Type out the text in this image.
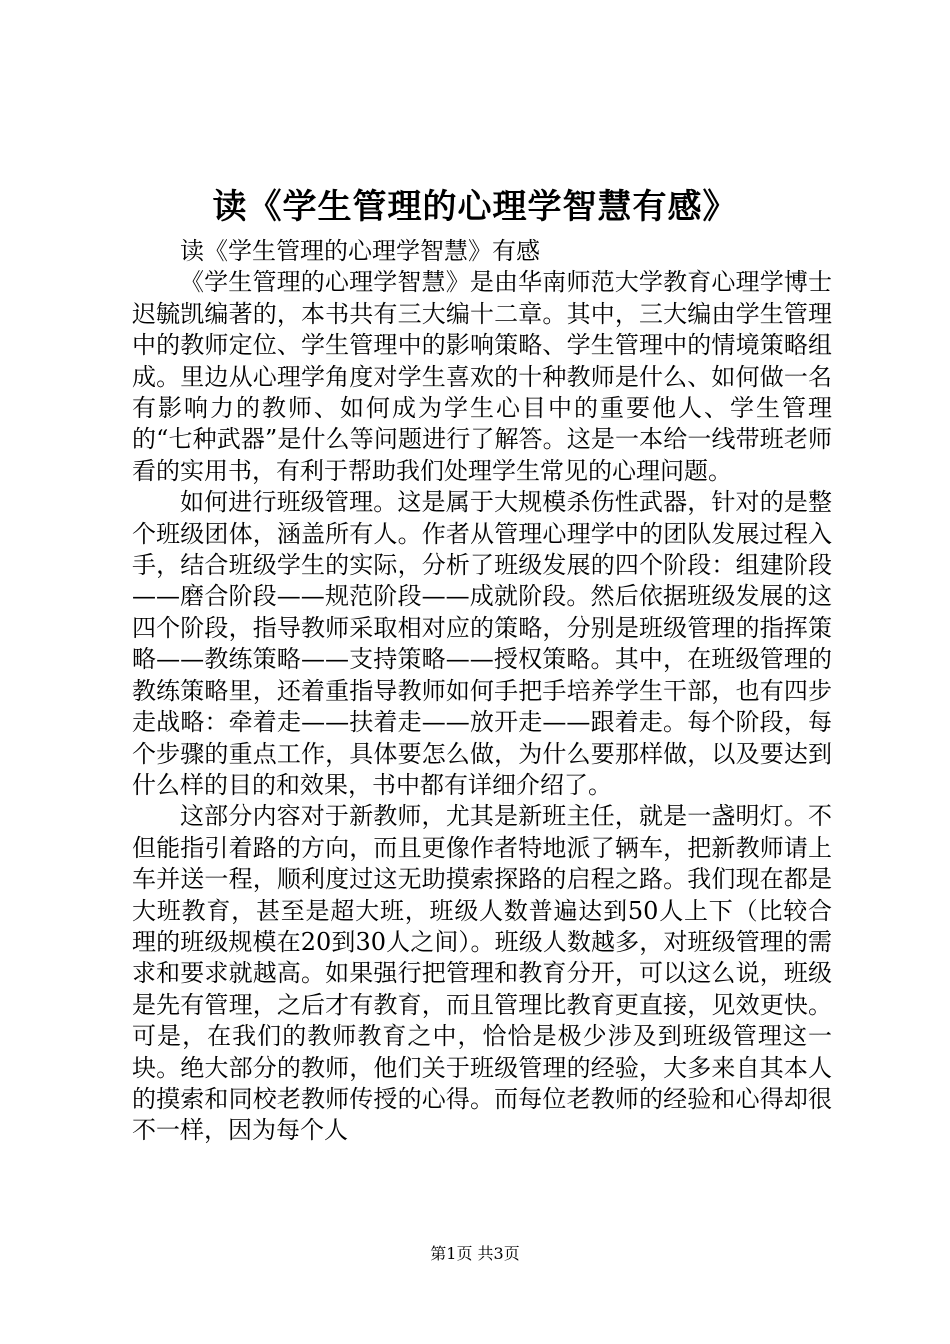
读《学生管理的心理学智慧有感》

读《学生管理的心理学智慧》有感

《学生管理的心理学智慧》是由华南师范大学教育心理学博士迟毓凯编著的，本书共有三大编十二章。其中，三大编由学生管理中的教师定位、学生管理中的影响策略、学生管理中的情境策略组成。里边从心理学角度对学生喜欢的十种教师是什么、如何做一名有影响力的教师、如何成为学生心目中的重要他人、学生管理的“七种武器”是什么等问题进行了解答。这是一本给一线带班老师看的实用书，有利于帮助我们处理学生常见的心理问题。

如何进行班级管理。这是属于大规模杀伤性武器，针对的是整个班级团体，涵盖所有人。作者从管理心理学中的团队发展过程入手，结合班级学生的实际，分析了班级发展的四个阶段：组建阶段——磨合阶段——规范阶段——成就阶段。然后依据班级发展的这四个阶段，指导教师采取相对应的策略，分别是班级管理的指挥策略——教练策略——支持策略——授权策略。其中，在班级管理的教练策略里，还着重指导教师如何手把手培养学生干部，也有四步走战略：牵着走——扶着走——放开走——跟着走。每个阶段，每个步骤的重点工作，具体要怎么做，为什么要那样做，以及要达到什么样的目的和效果，书中都有详细介绍了。

这部分内容对于新教师，尤其是新班主任，就是一盏明灯。不但能指引着路的方向，而且更像作者特地派了辆车，把新教师请上车并送一程，顺利度过这无助摸索探路的启程之路。我们现在都是大班教育，甚至是超大班，班级人数普遍达到50人上下（比较合理的班级规模在20到30人之间）。班级人数越多，对班级管理的需求和要求就越高。如果强行把管理和教育分开，可以这么说，班级是先有管理，之后才有教育，而且管理比教育更直接，见效更快。可是，在我们的教师教育之中，恰恰是极少涉及到班级管理这一块。绝大部分的教师，他们关于班级管理的经验，大多来自其本人的摸索和同校老教师传授的心得。而每位老教师的经验和心得却很不一样，因为每个人

第1页 共3页
